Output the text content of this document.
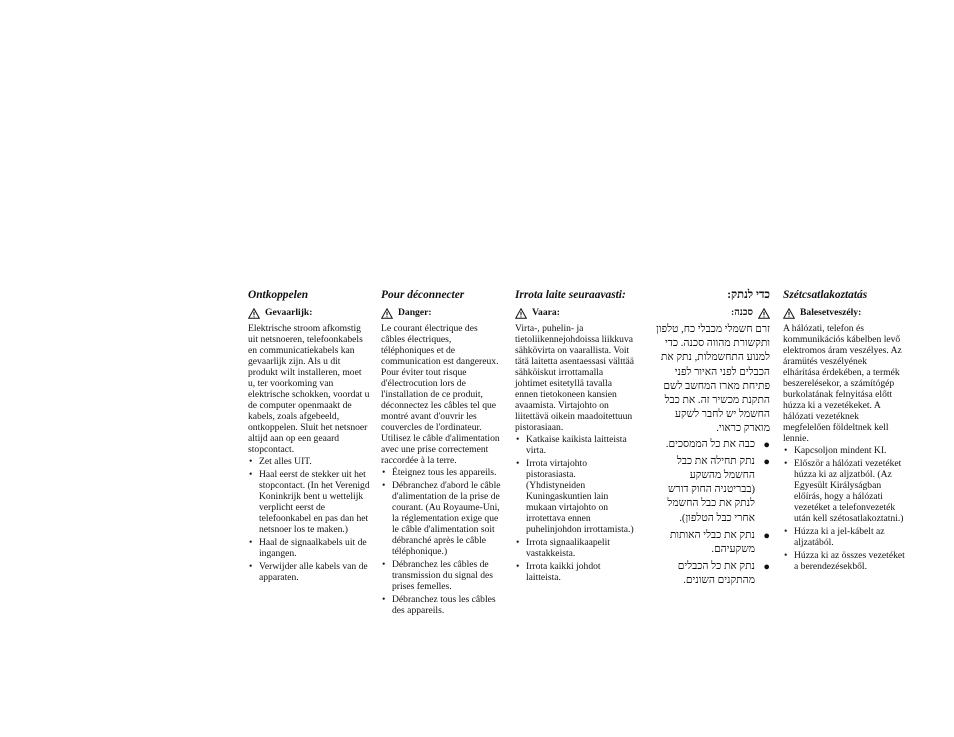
Ontkoppelen
Gevaarlijk:
Elektrische stroom afkomstig uit netsnoeren, telefoonkabels en communicatiekabels kan gevaarlijk zijn. Als u dit produkt wilt installeren, moet u, ter voorkoming van elektrische schokken, voordat u de computer openmaakt de kabels, zoals afgebeeld, ontkoppelen. Sluit het netsnoer altijd aan op een geaard stopcontact.
• Zet alles UIT.
• Haal eerst de stekker uit het stopcontact. (In het Verenigd Koninkrijk bent u wettelijk verplicht eerst de telefoonkabel en pas dan het netsnoer los te maken.)
• Haal de signaalkabels uit de ingangen.
• Verwijder alle kabels van de apparaten.
Pour déconnecter
Danger:
Le courant électrique des câbles électriques, téléphoniques et de communication est dangereux. Pour éviter tout risque d'électrocution lors de l'installation de ce produit, déconnectez les câbles tel que montré avant d'ouvrir les couvercles de l'ordinateur. Utilisez le câble d'alimentation avec une prise correctement raccordée à la terre.
• Éteignez tous les appareils.
• Débranchez d'abord le câble d'alimentation de la prise de courant. (Au Royaume-Uni, la réglementation exige que le câble d'alimentation soit débranché après le câble téléphonique.)
• Débranchez les câbles de transmission du signal des prises femelles.
• Débranchez tous les câbles des appareils.
Irrota laite seuraavasti:
Vaara:
Virta-, puhelin- ja tietoliikennejohdoissa liikkuva sähkövirta on vaarallista. Voit tätä laitetta asentaessasi välttää sähköiskut irrottamalla johtimet esitetyllä tavalla ennen tietokoneen kansien avaamista. Virtajohto on liitettävä oikein maadoitettuun pistorasiaan.
• Katkaise kaikista laitteista virta.
• Irrota virtajohto pistorasiasta. (Yhdistyneiden Kuningaskuntien lain mukaan virtajohto on irrotettava ennen puhelinjohdon irrottamista.)
• Irrota signaalikaapelit vastakkeista.
• Irrota kaikki johdot laitteista.
כדי לנתק:
סכנה:
זרם חשמלי מכבלי כח, טלפון ותקשורת מהווה סכנה. כדי למנוע התחשמלות, נתק את הכבלים לפני האיור לפני פתיחת מארז המחשב לשם התקנת מכשיר זה. את כבל החשמל יש לחבר לשקע מוארק כראוי.
●
כבה את כל הממסכים.
●
נתק תחילה את כבל החשמל מהשקע (בבריטניה החוק דורש לנתק את כבל החשמל אחרי כבל הטלפון).
●
נתק את כבלי האותות משקעיהם.
●
נתק את כל הכבלים מהתקנים השונים.
Szétcsatlakoztatás
Balesetveszély:
A hálózati, telefon és kommunikációs kábelben levő elektromos áram veszélyes. Az áramütés veszélyének elhárítása érdekében, a termék beszerelésekor, a számítógép burkolatának felnyitása előtt húzza ki a vezetékeket. A hálózati vezetéknek megfelelően földeltnek kell lennie.
• Kapcsoljon mindent KI.
• Először a hálózati vezetéket húzza ki az aljzatból. (Az Egyesült Királyságban előírás, hogy a hálózati vezetéket a telefonvezeték után kell szétosatlakoztatni.)
• Húzza ki a jel-kábelt az aljzatából.
• Húzza ki az összes vezetéket a berendezésekből.
